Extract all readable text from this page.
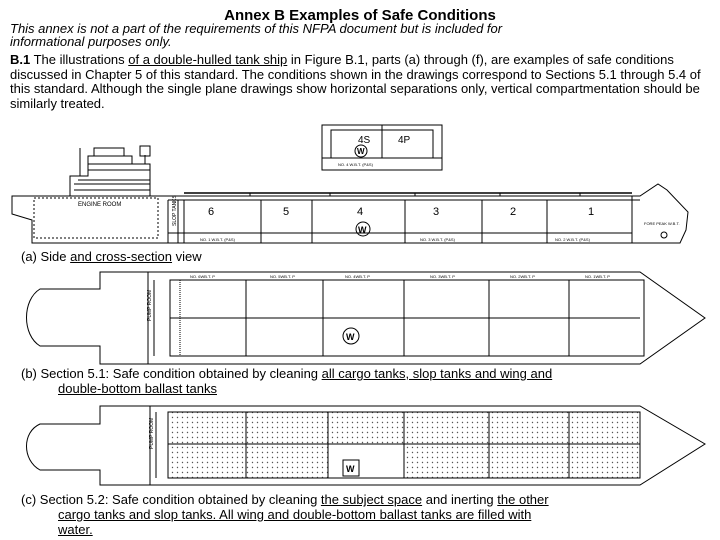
Annex B Examples of Safe Conditions
This annex is not a part of the requirements of this NFPA document but is included for
informational purposes only.
B.1 The illustrations of a double-hulled tank ship in Figure B.1, parts (a) through (f), are examples of safe conditions discussed in Chapter 5 of this standard. The conditions shown in the drawings correspond to Sections 5.1 through 5.4 of this standard. Although the single plane drawings show horizontal separations only, vertical compartmentation should be similarly treated.
4S	4P
W
NO. 4 W.B.T. (P&S)
ENGINE ROOM	SLOP TANKS	6	5	4	3	2	1
W
NO. 1 W.B.T. (P&S)	NO. 3 W.B.T. (P&S)	NO. 2 W.B.T. (P&S)
FORE PEAK W.B.T.
NO. 6WB.T. P	NO. 5WB.T. P	NO. 4WB.T. P	NO. 3WB.T. P	NO. 2WB.T. P	NO. 1WB.T. P
PUMP ROOM
W
PUMP ROOM
W
(a) Side and cross-section view
(b) Section 5.1: Safe condition obtained by cleaning all cargo tanks, slop tanks and wing and
double-bottom ballast tanks
(c) Section 5.2: Safe condition obtained by cleaning the subject space and inerting the other
cargo tanks and slop tanks. All wing and double-bottom ballast tanks are filled with
water.
